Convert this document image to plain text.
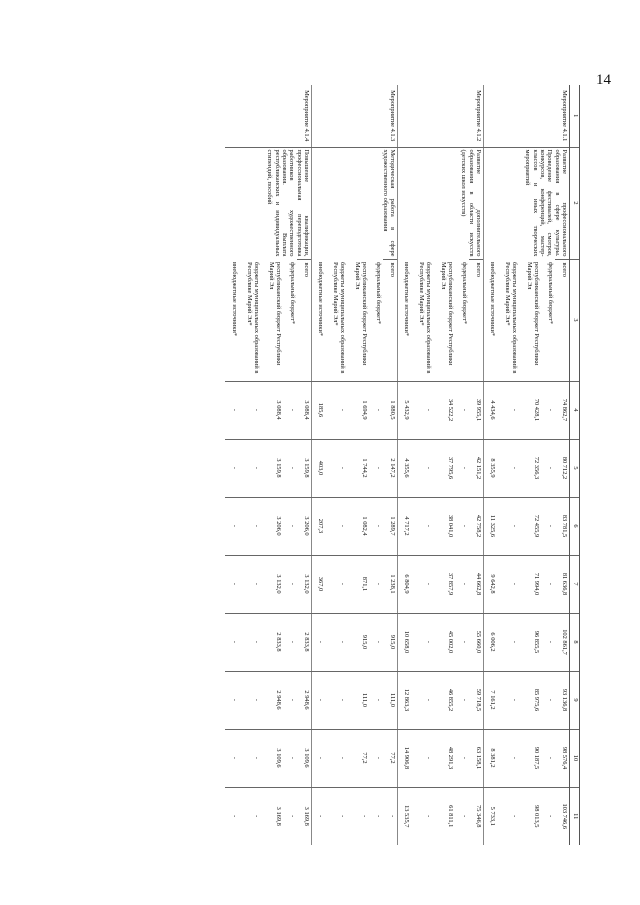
14
1	2	3	4	5	6	7	8	9	10	11
Мероприятие 4.1.1	Развитие профессионального образования в сфере культуры. Проведение фестивалей, смотров, конкурсов, конференций, мастер-классов и иных творческих мероприятий	всего	74 862,7	80 712,2	83 781,5	81 636,8	102 861,7	93 136,8	98 576,4	103 746,6
		федеральный бюджет*	-	-	-	-	-	-	-	-
		республиканский бюджет Республики Марий Эл	70 428,1	72 356,3	72 455,9	71 994,0	96 855,5	85 975,6	90 187,5	98 013,5
		бюджеты муниципальных образований в Республике Марий Эл*	-	-	-	-	-	-	-	-
		внебюджетные источники*	4 434,6	8 355,9	11 325,6	9 642,8	6 006,2	7 161,2	8 381,2	5 733,1
Мероприятие 4.1.2	Развитие дополнительного образования в области искусств (детских школ искусств)	всего	39 955,1	42 151,2	42 758,2	44 662,8	55 660,0	59 718,5	63 158,1	75 346,8
		федеральный бюджет*	-	-	-	-	-	-	-	-
		республиканский бюджет Республики Марий Эл	34 522,2	37 795,6	38 041,0	37 857,9	45 002,0	46 855,2	48 291,3	61 811,1
		бюджеты муниципальных образований в Республике Марий Эл*	-	-	-	-	-	-	-	-
		внебюджетные источники*	5 432,9	4 355,6	4 717,2	6 804,9	10 658,0	12 863,3	14 906,8	13 535,7
Мероприятие 4.1.3	Методическая работа в сфере художественного образования	всего	1 880,5	2 147,2	1 289,7	1 238,1	915,0	111,0	77,2	-
		федеральный бюджет*	-	-	-	-	-	-	-	-
		республиканский бюджет Республики Марий Эл	1 694,9	1 744,2	1 082,4	871,1	915,0	111,0	77,2	-
		бюджеты муниципальных образований в Республике Марий Эл*	-	-	-	-	-	-	-	-
		внебюджетные источники*	185,6	403,0	207,3	367,0	-	-	-	-
Мероприятие 4.1.4	Повышение квалификации, профессиональная переподготовка работников художественного образования. Выплата республиканских и индивидуальных стипендий, пособий	всего	3 088,4	3 159,8	3 206,0	3 132,0	2 833,8	2 948,6	3 109,6	3 169,8
		федеральный бюджет*	-	-	-	-	-	-	-	-
		республиканский бюджет Республики Марий Эл	3 088,4	3 159,8	3 206,0	3 132,0	2 833,8	2 948,6	3 109,6	3 169,8
		бюджеты муниципальных образований в Республике Марий Эл*	-	-	-	-	-	-	-	-
		внебюджетные источники*	-	-	-	-	-	-	-	-
